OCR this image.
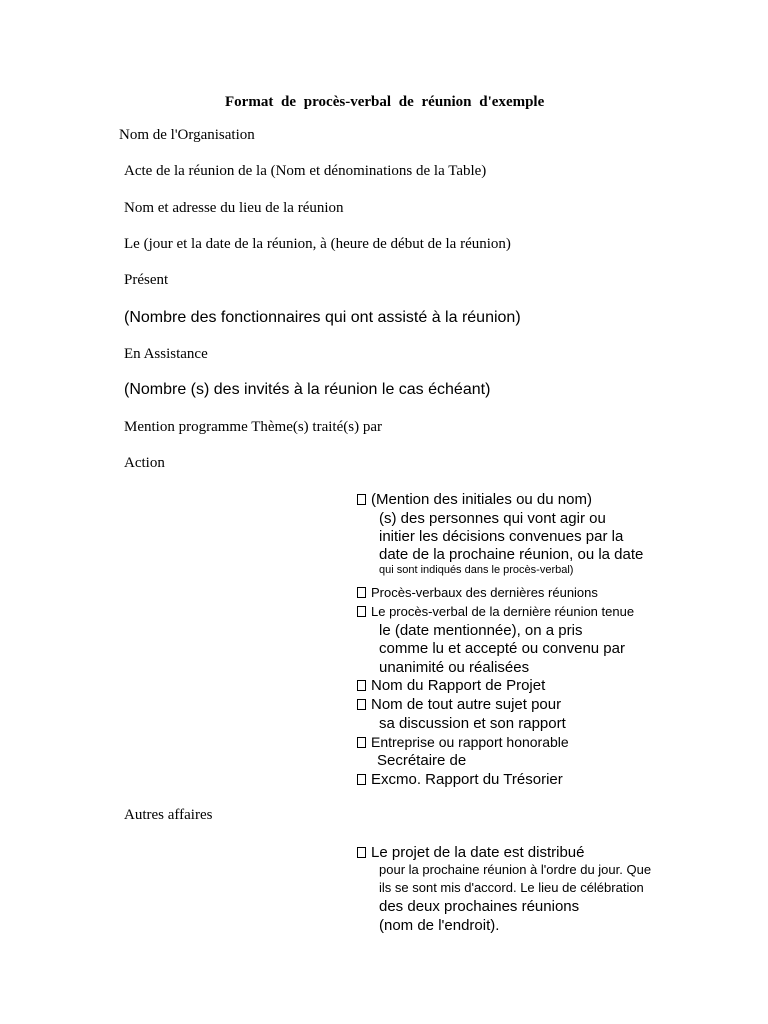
Format de procès-verbal de réunion d'exemple
Nom de l'Organisation
Acte de la réunion de la (Nom et dénominations de la Table)
Nom et adresse du lieu de la réunion
Le (jour et la date de la réunion, à (heure de début de la réunion)
Présent
(Nombre des fonctionnaires qui ont assisté à la réunion)
En Assistance
(Nombre (s) des invités à la réunion le cas échéant)
Mention programme Thème(s) traité(s) par
Action
(Mention des initiales ou du nom)
(s) des personnes qui vont agir ou
initier les décisions convenues par la
date de la prochaine réunion, ou la date
qui sont indiqués dans le procès-verbal)
Procès-verbaux des dernières réunions
Le procès-verbal de la dernière réunion tenue
le (date mentionnée), on a pris
comme lu et accepté ou convenu par
unanimité ou réalisées
Nom du Rapport de Projet
Nom de tout autre sujet pour
sa discussion et son rapport
Entreprise ou rapport honorable
Secrétaire de
Excmo. Rapport du Trésorier
Autres affaires
Le projet de la date est distribué
pour la prochaine réunion à l'ordre du jour. Que
ils se sont mis d'accord. Le lieu de célébration
des deux prochaines réunions
(nom de l'endroit).
